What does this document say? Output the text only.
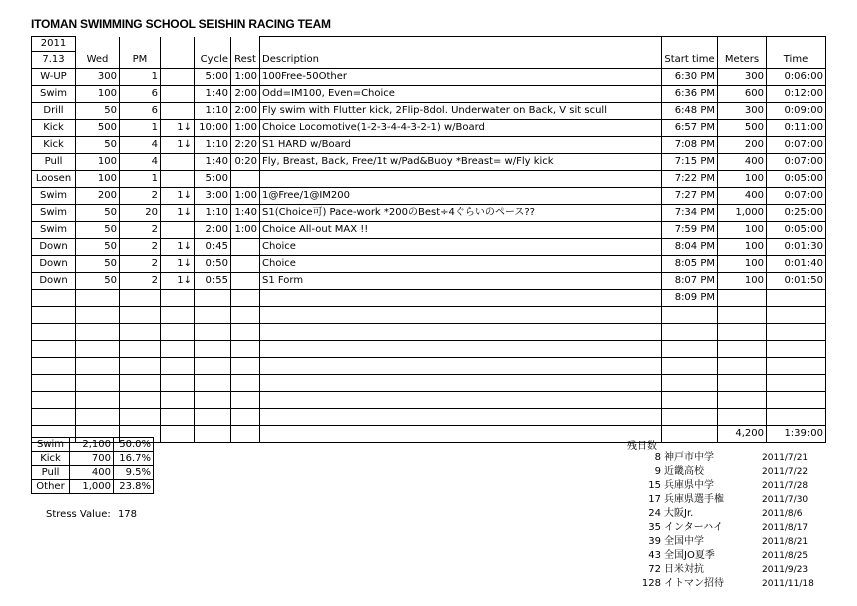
ITOMAN SWIMMING SCHOOL SEISHIN RACING TEAM
2011									
7.13	Wed	PM		Cycle	Rest	Description	Start time	Meters	Time
W-UP	300	1		5:00	1:00	100Free-50Other	6:30 PM	300	0:06:00
Swim	100	6		1:40	2:00	Odd=IM100, Even=Choice	6:36 PM	600	0:12:00
Drill	50	6		1:10	2:00	Fly swim with Flutter kick, 2Flip-8dol. Underwater on Back, V sit scull	6:48 PM	300	0:09:00
Kick	500	1	1↓	10:00	1:00	Choice Locomotive(1-2-3-4-4-3-2-1) w/Board	6:57 PM	500	0:11:00
Kick	50	4	1↓	1:10	2:20	S1 HARD w/Board	7:08 PM	200	0:07:00
Pull	100	4		1:40	0:20	Fly, Breast, Back, Free/1t w/Pad&Buoy *Breast= w/Fly kick	7:15 PM	400	0:07:00
Loosen	100	1		5:00			7:22 PM	100	0:05:00
Swim	200	2	1↓	3:00	1:00	1@Free/1@IM200	7:27 PM	400	0:07:00
Swim	50	20	1↓	1:10	1:40	S1(Choice可) Pace-work *200のBest÷4ぐらいのペース??	7:34 PM	1,000	0:25:00
Swim	50	2		2:00	1:00	Choice All-out MAX !!	7:59 PM	100	0:05:00
Down	50	2	1↓	0:45		Choice	8:04 PM	100	0:01:30
Down	50	2	1↓	0:50		Choice	8:05 PM	100	0:01:40
Down	50	2	1↓	0:55		S1 Form	8:07 PM	100	0:01:50
							8:09 PM		

								4,200	1:39:00
Swim	2,100	50.0%
Kick	700	16.7%
Pull	400	9.5%
Other	1,000	23.8%
Stress Value: 178
残日数
8	神戸市中学	2011/7/21
9	近畿高校	2011/7/22
15	兵庫県中学	2011/7/28
17	兵庫県選手権	2011/7/30
24	大阪Jr.	2011/8/6
35	インターハイ	2011/8/17
39	全国中学	2011/8/21
43	全国JO夏季	2011/8/25
72	日米対抗	2011/9/23
128	イトマン招待	2011/11/18
